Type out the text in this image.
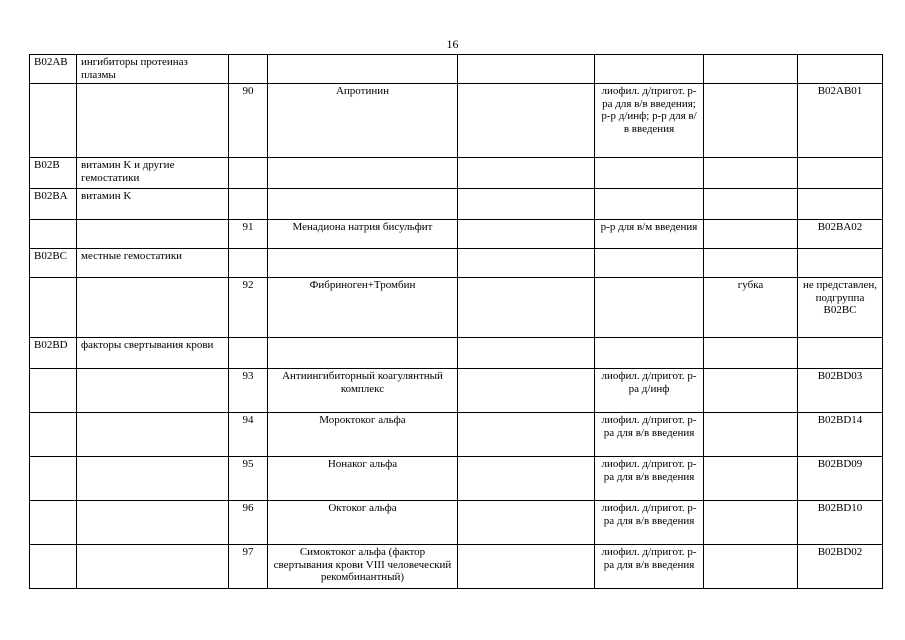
16
B02AB	ингибиторы протеиназ плазмы						
		90	Апротинин		лиофил. д/пригот. р-ра для в/в введения; р-р д/инф; р-р для в/в введения		B02AB01
B02B	витамин K и другие гемостатики						
B02BA	витамин K						
		91	Менадиона натрия бисульфит		р-р для в/м введения		B02BA02
B02BC	местные гемостатики						
		92	Фибриноген+Тромбин			губка	не представлен, подгруппа B02BC
B02BD	факторы свертывания крови						
		93	Антиингибиторный коагулянтный комплекс		лиофил. д/пригот. р-ра д/инф		B02BD03
		94	Мороктоког альфа		лиофил. д/пригот. р-ра для в/в введения		B02BD14
		95	Нонаког альфа		лиофил. д/пригот. р-ра для в/в введения		B02BD09
		96	Октоког альфа		лиофил. д/пригот. р-ра для в/в введения		B02BD10
		97	Симоктоког альфа (фактор свертывания крови VIII человеческий рекомбинантный)		лиофил. д/пригот. р-ра для в/в введения		B02BD02
